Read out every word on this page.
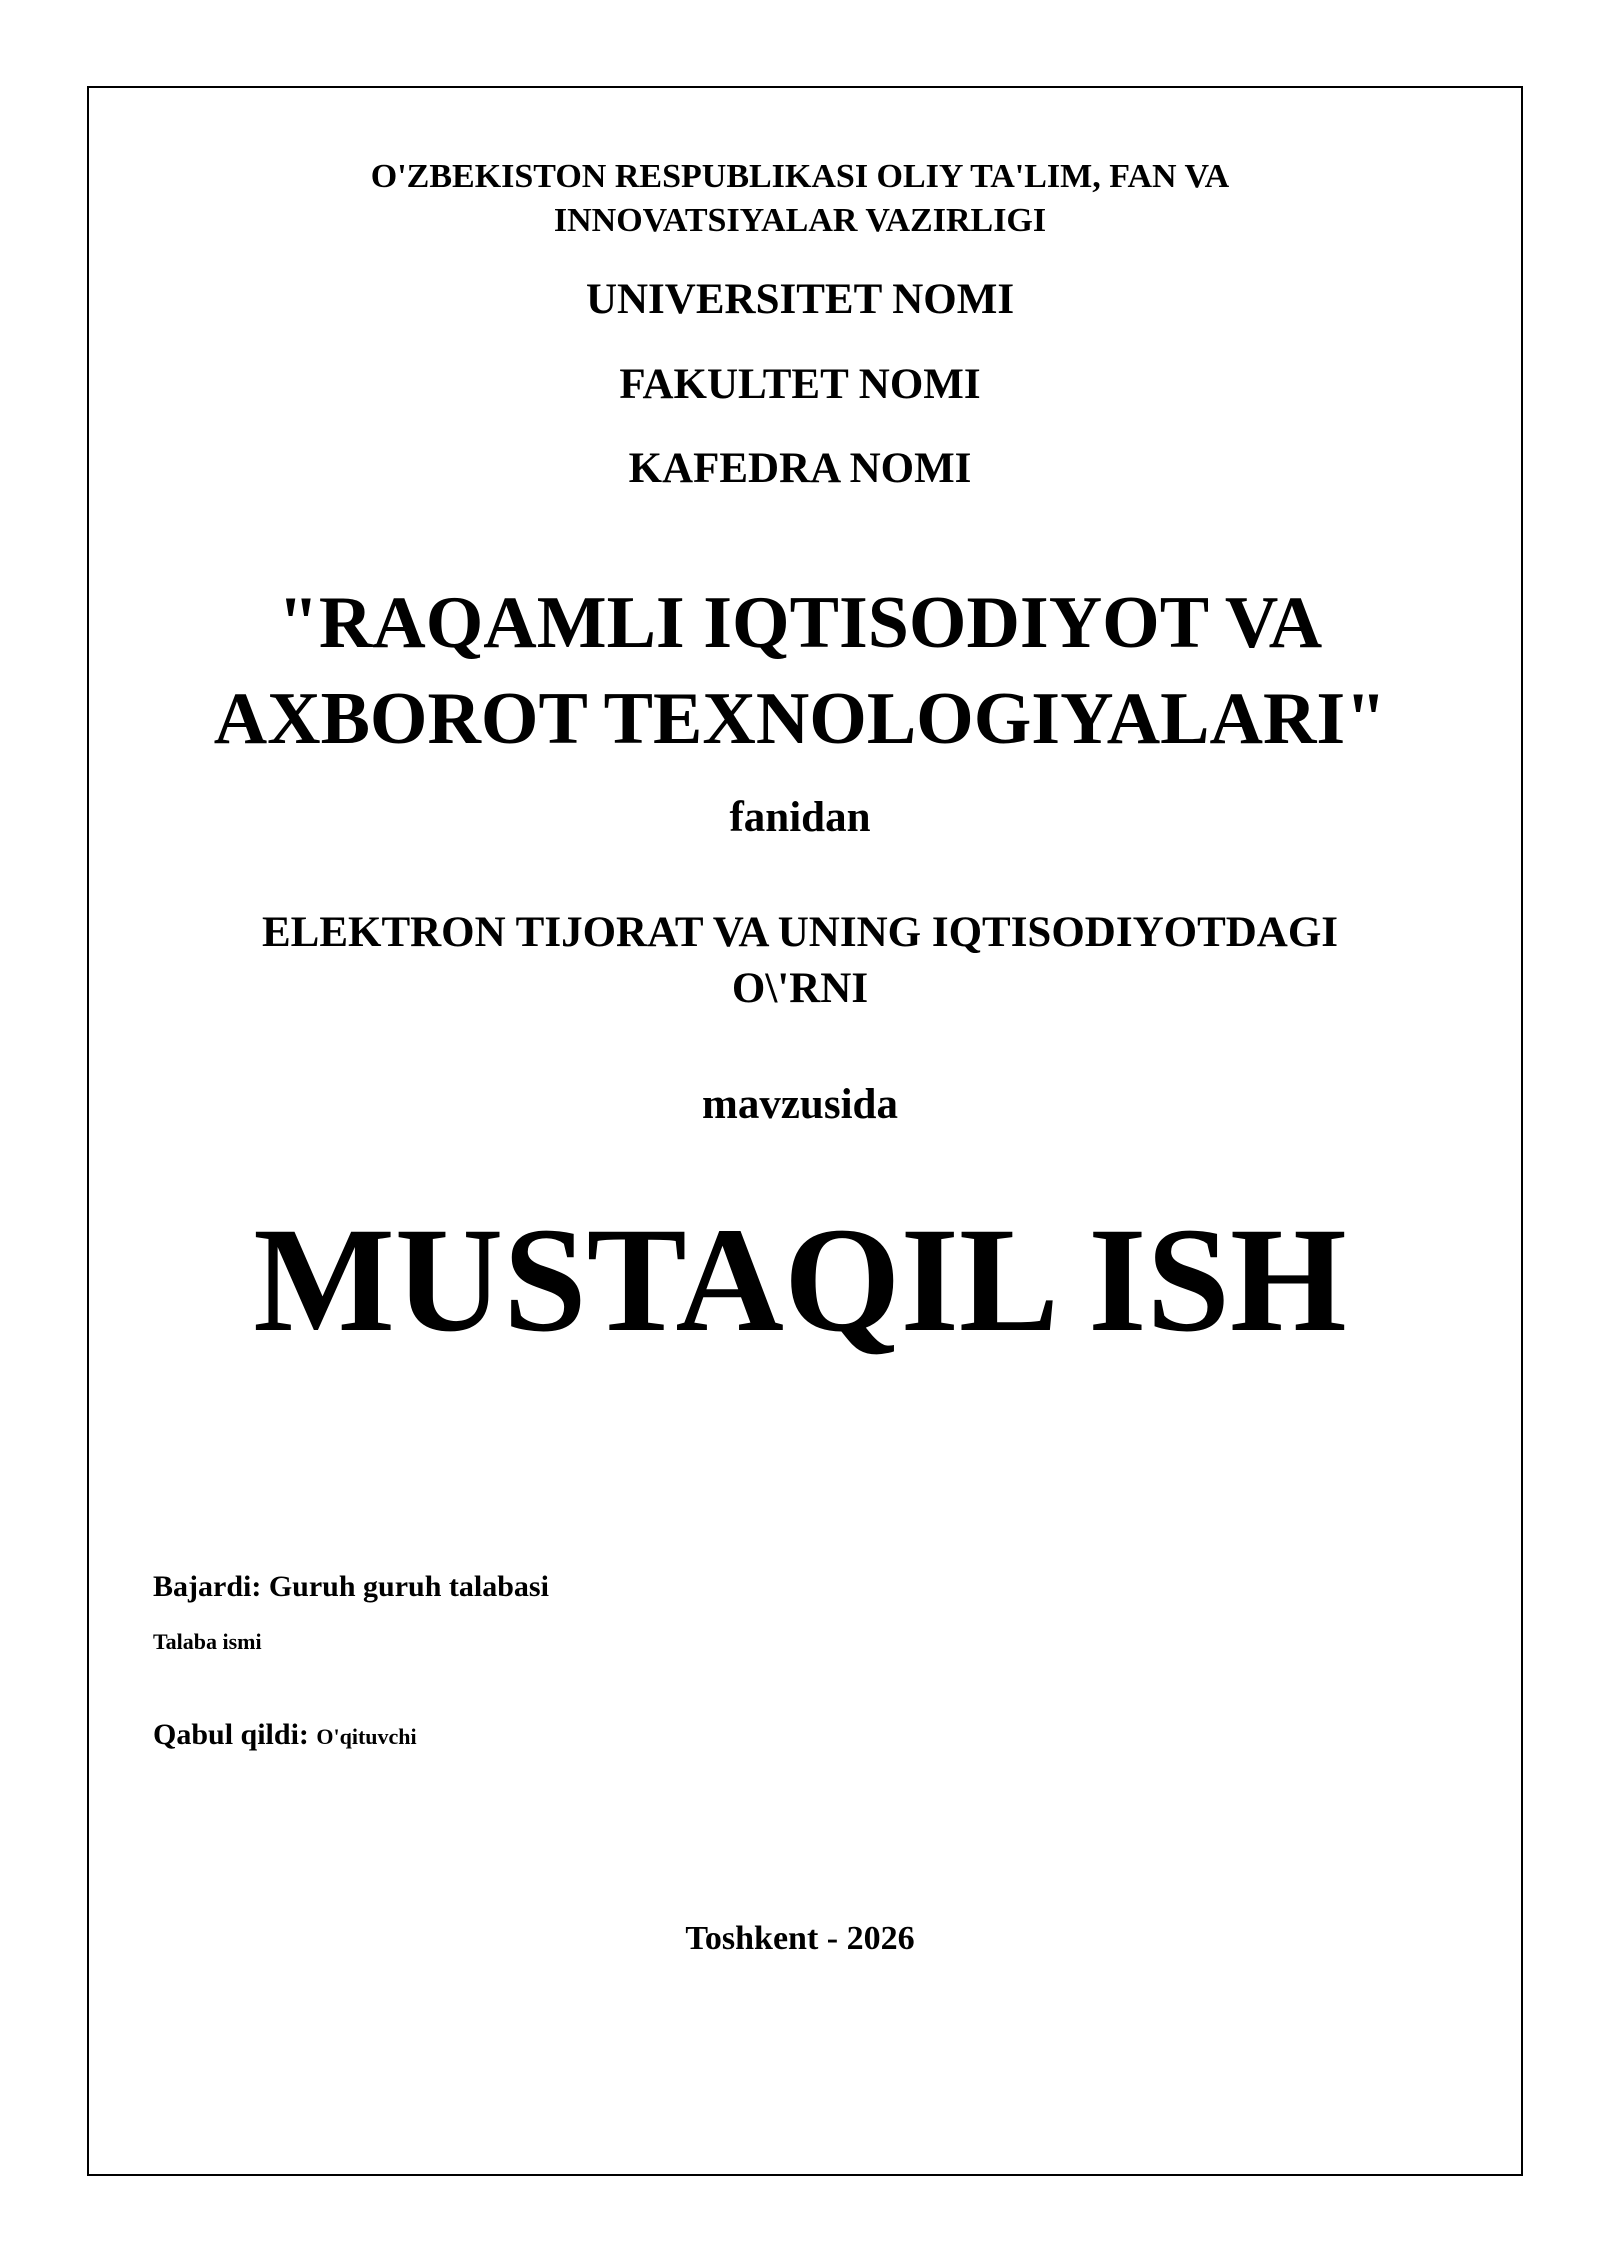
O'ZBEKISTON RESPUBLIKASI OLIY TA'LIM, FAN VA
INNOVATSIYALAR VAZIRLIGI
UNIVERSITET NOMI
FAKULTET NOMI
KAFEDRA NOMI
"RAQAMLI IQTISODIYOT VA
AXBOROT TEXNOLOGIYALARI"
fanidan
ELEKTRON TIJORAT VA UNING IQTISODIYOTDAGI
O\'RNI
mavzusida
MUSTAQIL ISH
Bajardi: Guruh guruh talabasi
Talaba ismi
Qabul qildi: O'qituvchi
Toshkent - 2026
